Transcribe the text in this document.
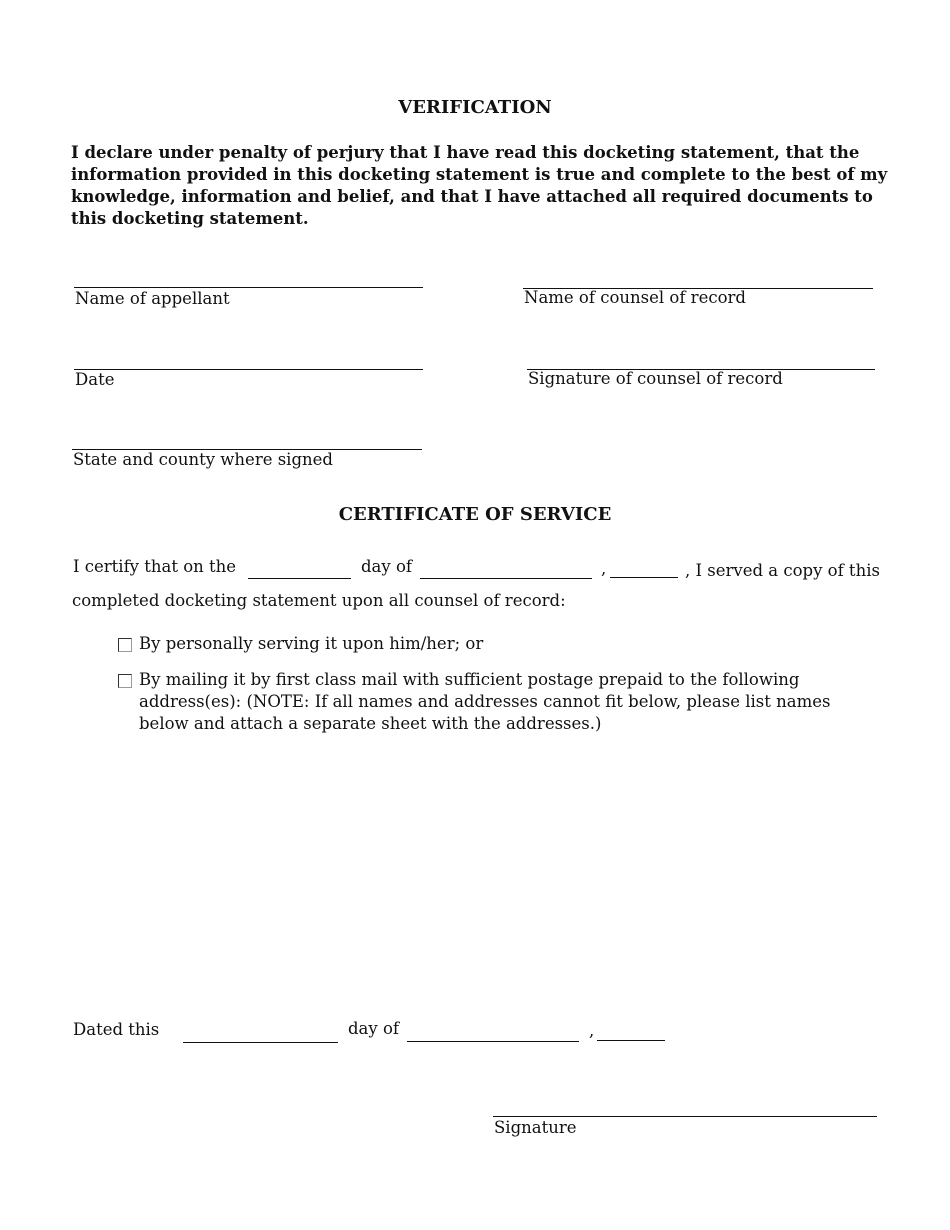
VERIFICATION
I declare under penalty of perjury that I have read this docketing statement, that the information provided in this docketing statement is true and complete to the best of my knowledge, information and belief, and that I have attached all required documents to this docketing statement.
Name of appellant	Name of counsel of record
Date	Signature of counsel of record
State and county where signed
CERTIFICATE OF SERVICE
I certify that on the	day of	,	, I served a copy of this
completed docketing statement upon all counsel of record:
By personally serving it upon him/her; or
By mailing it by first class mail with sufficient postage prepaid to the following address(es): (NOTE: If all names and addresses cannot fit below, please list names below and attach a separate sheet with the addresses.)
Dated this	day of	,
Signature
